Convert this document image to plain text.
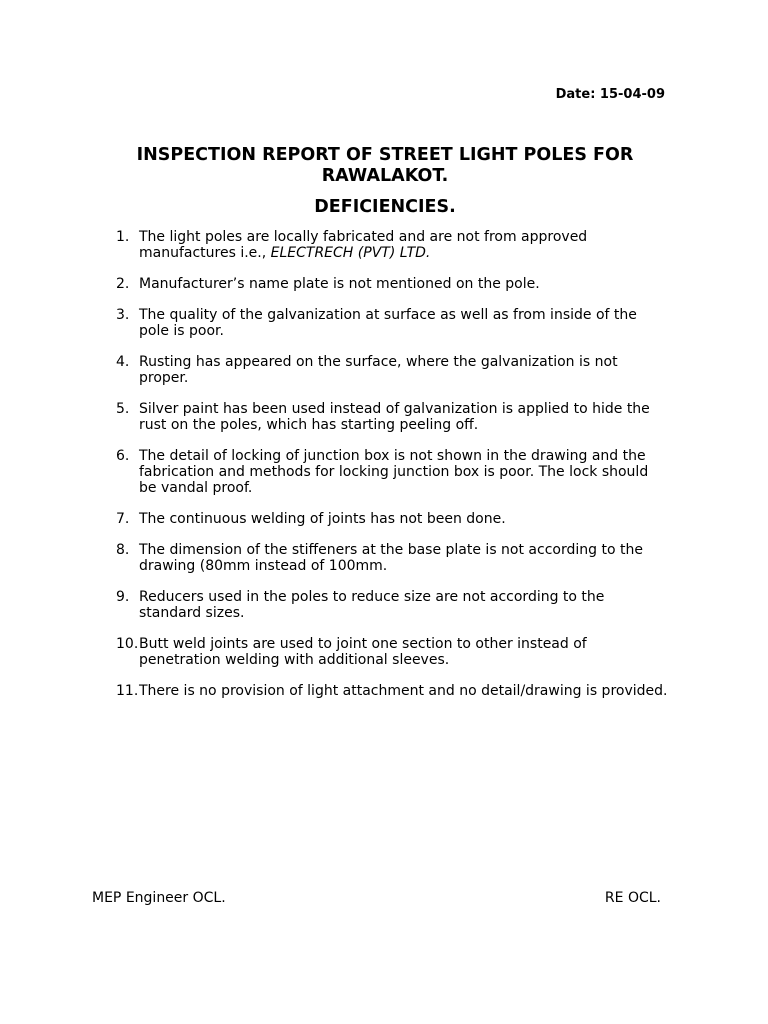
Date: 15-04-09
INSPECTION REPORT OF STREET LIGHT POLES FOR RAWALAKOT.
DEFICIENCIES.
1. The light poles are locally fabricated and are not from approved manufactures i.e., ELECTRECH (PVT) LTD.
2. Manufacturer’s name plate is not mentioned on the pole.
3. The quality of the galvanization at surface as well as from inside of the pole is poor.
4. Rusting has appeared on the surface, where the galvanization is not proper.
5. Silver paint has been used instead of galvanization is applied to hide the rust on the poles, which has starting peeling off.
6. The detail of locking of junction box is not shown in the drawing and the fabrication and methods for locking junction box is poor. The lock should be vandal proof.
7. The continuous welding of joints has not been done.
8. The dimension of the stiffeners at the base plate is not according to the drawing (80mm instead of 100mm.
9. Reducers used in the poles to reduce size are not according to the standard sizes.
10. Butt weld joints are used to joint one section to other instead of penetration welding with additional sleeves.
11. There is no provision of light attachment and no detail/drawing is provided.
MEP Engineer OCL.	RE OCL.
